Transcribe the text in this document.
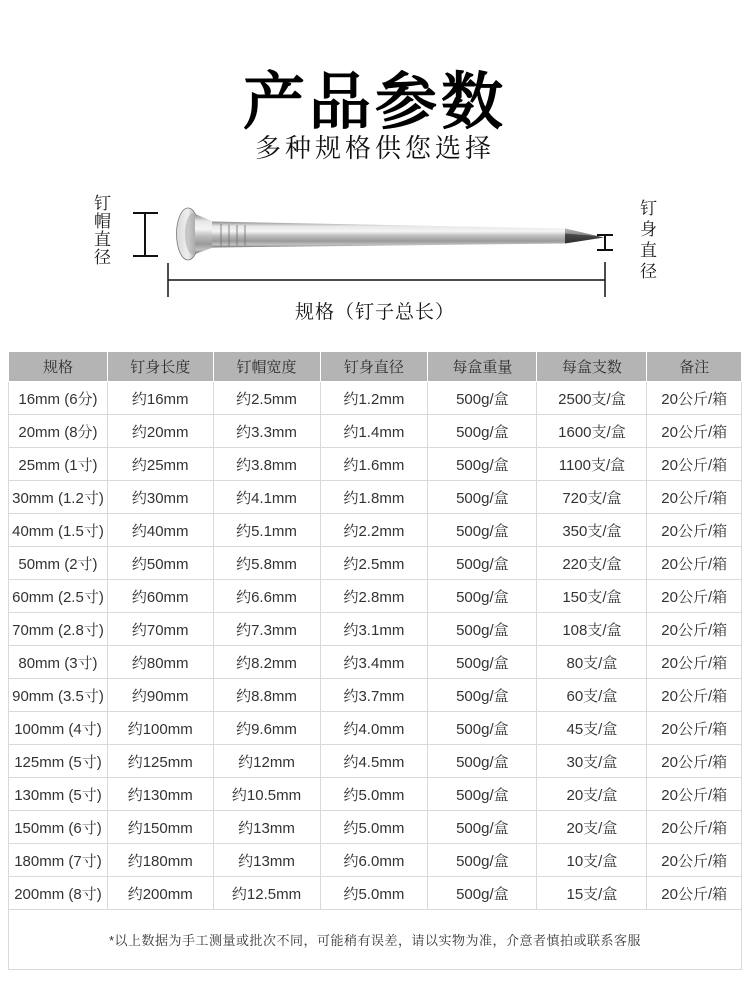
产品参数
多种规格供您选择
钉帽直径	钉身直径
规格（钉子总长）
规格	钉身长度	钉帽宽度	钉身直径	每盒重量	每盒支数	备注
16mm (6分)	约16mm	约2.5mm	约1.2mm	500g/盒	2500支/盒	20公斤/箱
20mm (8分)	约20mm	约3.3mm	约1.4mm	500g/盒	1600支/盒	20公斤/箱
25mm (1寸)	约25mm	约3.8mm	约1.6mm	500g/盒	1100支/盒	20公斤/箱
30mm (1.2寸)	约30mm	约4.1mm	约1.8mm	500g/盒	720支/盒	20公斤/箱
40mm (1.5寸)	约40mm	约5.1mm	约2.2mm	500g/盒	350支/盒	20公斤/箱
50mm (2寸)	约50mm	约5.8mm	约2.5mm	500g/盒	220支/盒	20公斤/箱
60mm (2.5寸)	约60mm	约6.6mm	约2.8mm	500g/盒	150支/盒	20公斤/箱
70mm (2.8寸)	约70mm	约7.3mm	约3.1mm	500g/盒	108支/盒	20公斤/箱
80mm (3寸)	约80mm	约8.2mm	约3.4mm	500g/盒	80支/盒	20公斤/箱
90mm (3.5寸)	约90mm	约8.8mm	约3.7mm	500g/盒	60支/盒	20公斤/箱
100mm (4寸)	约100mm	约9.6mm	约4.0mm	500g/盒	45支/盒	20公斤/箱
125mm (5寸)	约125mm	约12mm	约4.5mm	500g/盒	30支/盒	20公斤/箱
130mm (5寸)	约130mm	约10.5mm	约5.0mm	500g/盒	20支/盒	20公斤/箱
150mm (6寸)	约150mm	约13mm	约5.0mm	500g/盒	20支/盒	20公斤/箱
180mm (7寸)	约180mm	约13mm	约6.0mm	500g/盒	10支/盒	20公斤/箱
200mm (8寸)	约200mm	约12.5mm	约5.0mm	500g/盒	15支/盒	20公斤/箱
*以上数据为手工测量或批次不同，可能稍有误差，请以实物为准，介意者慎拍或联系客服						
